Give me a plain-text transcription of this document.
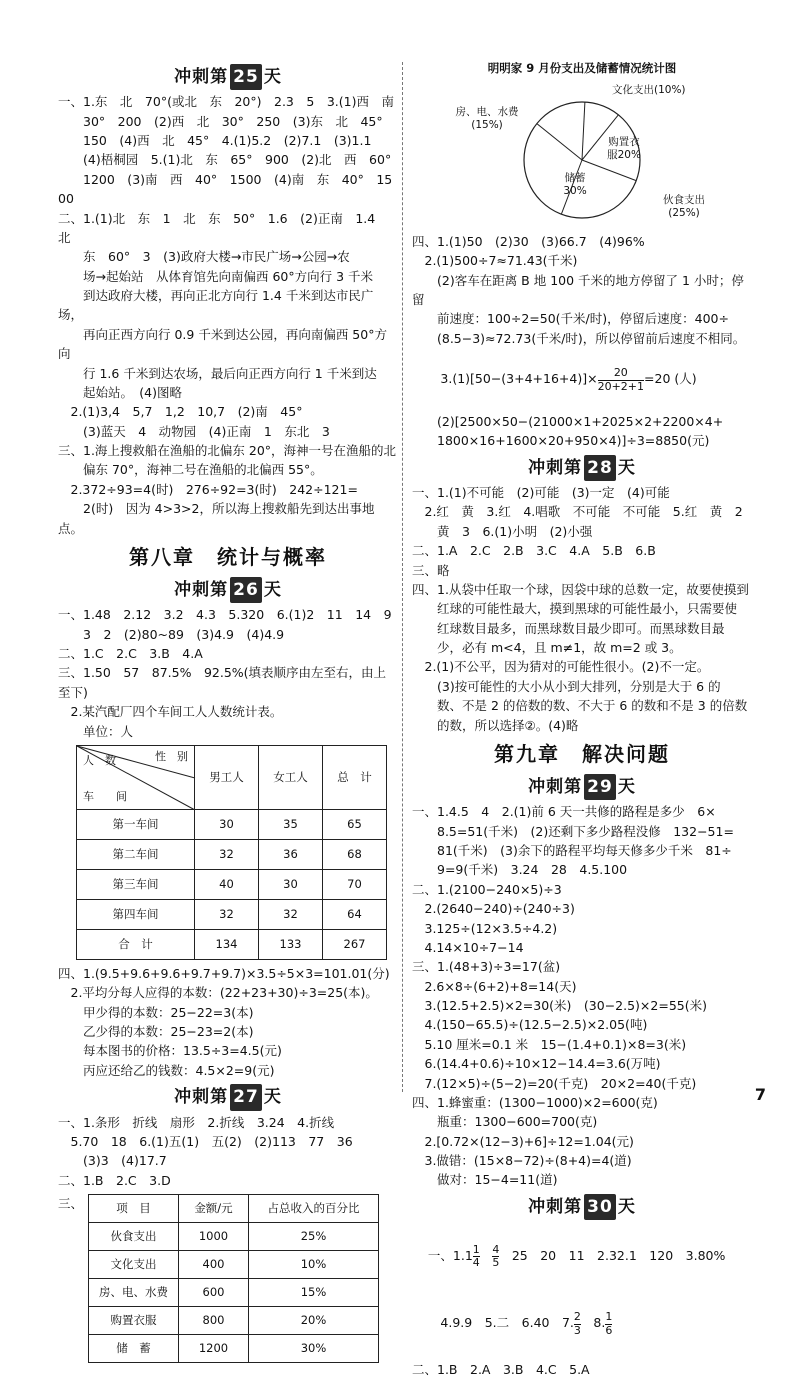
冲刺第 25 天
一、1.东　北　70°(或北　东　20°)　2.3　5　3.(1)西　南
　　30°　200　(2)西　北　30°　250　(3)东　北　45°
　　150　(4)西　北　45°　4.(1)5.2　(2)7.1　(3)1.1
　　(4)梧桐园　5.(1)北　东　65°　900　(2)北　西　60°
　　1200　(3)南　西　40°　1500　(4)南　东　40°　1500
二、1.(1)北　东　1　北　东　50°　1.6　(2)正南　1.4　北
　　东　60°　3　(3)政府大楼→市民广场→公园→农
　　场→起始站　从体育馆先向南偏西 60°方向行 3 千米
　　到达政府大楼，再向正北方向行 1.4 千米到达市民广场，
　　再向正西方向行 0.9 千米到达公园，再向南偏西 50°方向
　　行 1.6 千米到达农场，最后向正西方向行 1 千米到达
　　起始站。　(4)图略
　2.(1)3,4　5,7　1,2　10,7　(2)南　45°
　　(3)蓝天　4　动物园　(4)正南　1　东北　3
三、1.海上搜救船在渔船的北偏东 20°，海神一号在渔船的北
　　偏东 70°，海神二号在渔船的北偏西 55°。
　2.372÷93=4(时)　276÷92=3(时)　242÷121=
　　2(时)　因为 4>3>2，所以海上搜救船先到达出事地点。
第八章　统计与概率
冲刺第 26 天
一、1.48　2.12　3.2　4.3　5.320　6.(1)2　11　14　9
　　3　2　(2)80~89　(3)4.9　(4)4.9
二、1.C　2.C　3.B　4.A
三、1.50　57　87.5%　92.5%(填表顺序由左至右，由上至下)
　2.某汽配厂四个车间工人人数统计表。
　　单位：人
人　数 性　别
车　　间	男工人	女工人	总　计
第一车间	30	35	65
第二车间	32	36	68
第三车间	40	30	70
第四车间	32	32	64
合　计	134	133	267
四、1.(9.5+9.6+9.6+9.7+9.7)×3.5÷5×3=101.01(分)
　2.平均分每人应得的本数：(22+23+30)÷3=25(本)。
　　甲少得的本数：25−22=3(本)
　　乙少得的本数：25−23=2(本)
　　每本图书的价格：13.5÷3=4.5(元)
　　丙应还给乙的钱数：4.5×2=9(元)
冲刺第 27 天
一、1.条形　折线　扇形　2.折线　3.24　4.折线
　5.70　18　6.(1)五(1)　五(2)　(2)113　77　36
　　(3)3　(4)17.7
二、1.B　2.C　3.D
三、	项　目	金额/元	占总收入的百分比
伙食支出	1000	25%
文化支出	400	10%
房、电、水费	600	15%
购置衣服	800	20%
储　蓄	1200	30%
明明家 9 月份支出及储蓄情况统计图
文化支出(10%)
房、电、水费(15%)
储蓄 30%
购置衣服20%
伙食支出(25%)
四、1.(1)50　(2)30　(3)66.7　(4)96%
　2.(1)500÷7≈71.43(千米)
　　(2)客车在距离 B 地 100 千米的地方停留了 1 小时；停留
　　前速度：100÷2=50(千米/时)，停留后速度：400÷
　　(8.5−3)≈72.73(千米/时)，所以停留前后速度不相同。

　$3.(1)[50-(3+4+16+4)]\times \frac{20}{20+2+1} =20$ (人)

　　(2)[2500×50−(21000×1+2025×2+2200×4+
　　1800×16+1600×20+950×4)]÷3=8850(元)
冲刺第 28 天
一、1.(1)不可能　(2)可能　(3)一定　(4)可能
　2.红　黄　3.红　4.唱歌　不可能　不可能　5.红　黄　2
　　黄　3　6.(1)小明　(2)小强
二、1.A　2.C　2.B　3.C　4.A　5.B　6.B
三、略
四、1.从袋中任取一个球，因袋中球的总数一定，故要使摸到
　　红球的可能性最大，摸到黑球的可能性最小，只需要使
　　红球数目最多，而黑球数目最少即可。而黑球数目最
　　少，必有 m<4，且 m≠1，故 m=2 或 3。
　2.(1)不公平，因为猜对的可能性很小。(2)不一定。
　　(3)按可能性的大小从小到大排列，分别是大于 6 的
　　数、不是 2 的倍数的数、不大于 6 的数和不是 3 的倍数
　　的数，所以选择②。(4)略
第九章　解决问题
冲刺第 29 天
一、1.4.5　4　2.(1)前 6 天一共修的路程是多少　6×
　　8.5=51(千米)　(2)还剩下多少路程没修　132−51=
　　81(千米)　(3)余下的路程平均每天修多少千米　81÷
　　9=9(千米)　3.24　28　4.5.100
二、1.(2100−240×5)÷3
　2.(2640−240)÷(240÷3)
　3.125÷(12×3.5÷4.2)
　4.14×10÷7−14
三、1.(48+3)÷3=17(盆)
　2.6×8÷(6+2)+8=14(天)
　3.(12.5+2.5)×2=30(米)　(30−2.5)×2=55(米)
　4.(150−65.5)÷(12.5−2.5)×2.05(吨)
　5.10 厘米=0.1 米　15−(1.4+0.1)×8=3(米)
　6.(14.4+0.6)÷10×12−14.4=3.6(万吨)
　7.(12×5)÷(5−2)=20(千克)　20×2=40(千克)
四、1.蜂蜜重：(1300−1000)×2=600(克)
　　瓶重：1300−600=700(克)
　2.[0.72×(12−3)+6]÷12=1.04(元)
　3.做错：(15×8−72)÷(8+4)=4(道)
　　做对：15−4=11(道)
冲刺第 30 天

一、$1.1 \frac{1}{4}$
　 $\frac{4}{5}$ 　25　20　11　2.32.1　120　3.80%

　4.9.9　5.二　6.40　7. $\frac{2}{3}$ 　8. $\frac{1}{6}$

二、1.B　2.A　3.B　4.C　5.A
7
